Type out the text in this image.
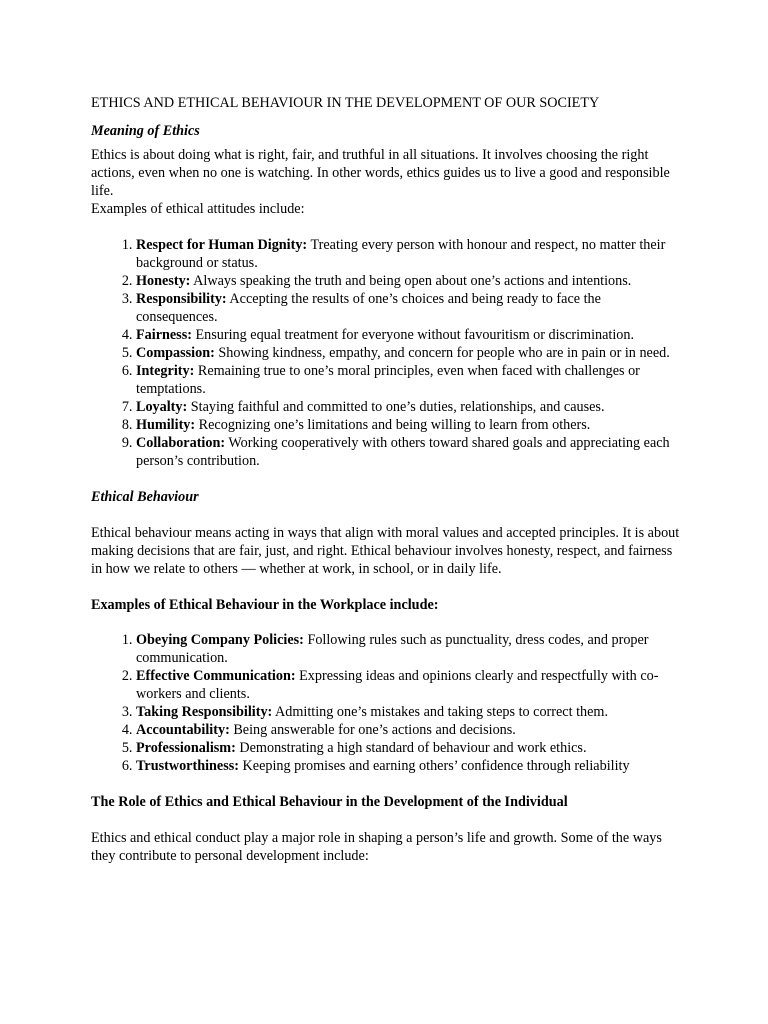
ETHICS AND ETHICAL BEHAVIOUR IN THE DEVELOPMENT OF OUR SOCIETY

Meaning of Ethics

Ethics is about doing what is right, fair, and truthful in all situations. It involves choosing the right actions, even when no one is watching. In other words, ethics guides us to live a good and responsible life.

Examples of ethical attitudes include:

1. Respect for Human Dignity: Treating every person with honour and respect, no matter their background or status.
2. Honesty: Always speaking the truth and being open about one’s actions and intentions.
3. Responsibility: Accepting the results of one’s choices and being ready to face the consequences.
4. Fairness: Ensuring equal treatment for everyone without favouritism or discrimination.
5. Compassion: Showing kindness, empathy, and concern for people who are in pain or in need.
6. Integrity: Remaining true to one’s moral principles, even when faced with challenges or temptations.
7. Loyalty: Staying faithful and committed to one’s duties, relationships, and causes.
8. Humility: Recognizing one’s limitations and being willing to learn from others.
9. Collaboration: Working cooperatively with others toward shared goals and appreciating each person’s contribution.

Ethical Behaviour

Ethical behaviour means acting in ways that align with moral values and accepted principles. It is about making decisions that are fair, just, and right. Ethical behaviour involves honesty, respect, and fairness in how we relate to others — whether at work, in school, or in daily life.

Examples of Ethical Behaviour in the Workplace include:

1. Obeying Company Policies: Following rules such as punctuality, dress codes, and proper communication.
2. Effective Communication: Expressing ideas and opinions clearly and respectfully with co-workers and clients.
3. Taking Responsibility: Admitting one’s mistakes and taking steps to correct them.
4. Accountability: Being answerable for one’s actions and decisions.
5. Professionalism: Demonstrating a high standard of behaviour and work ethics.
6. Trustworthiness: Keeping promises and earning others’ confidence through reliability

The Role of Ethics and Ethical Behaviour in the Development of the Individual

Ethics and ethical conduct play a major role in shaping a person’s life and growth. Some of the ways they contribute to personal development include:
